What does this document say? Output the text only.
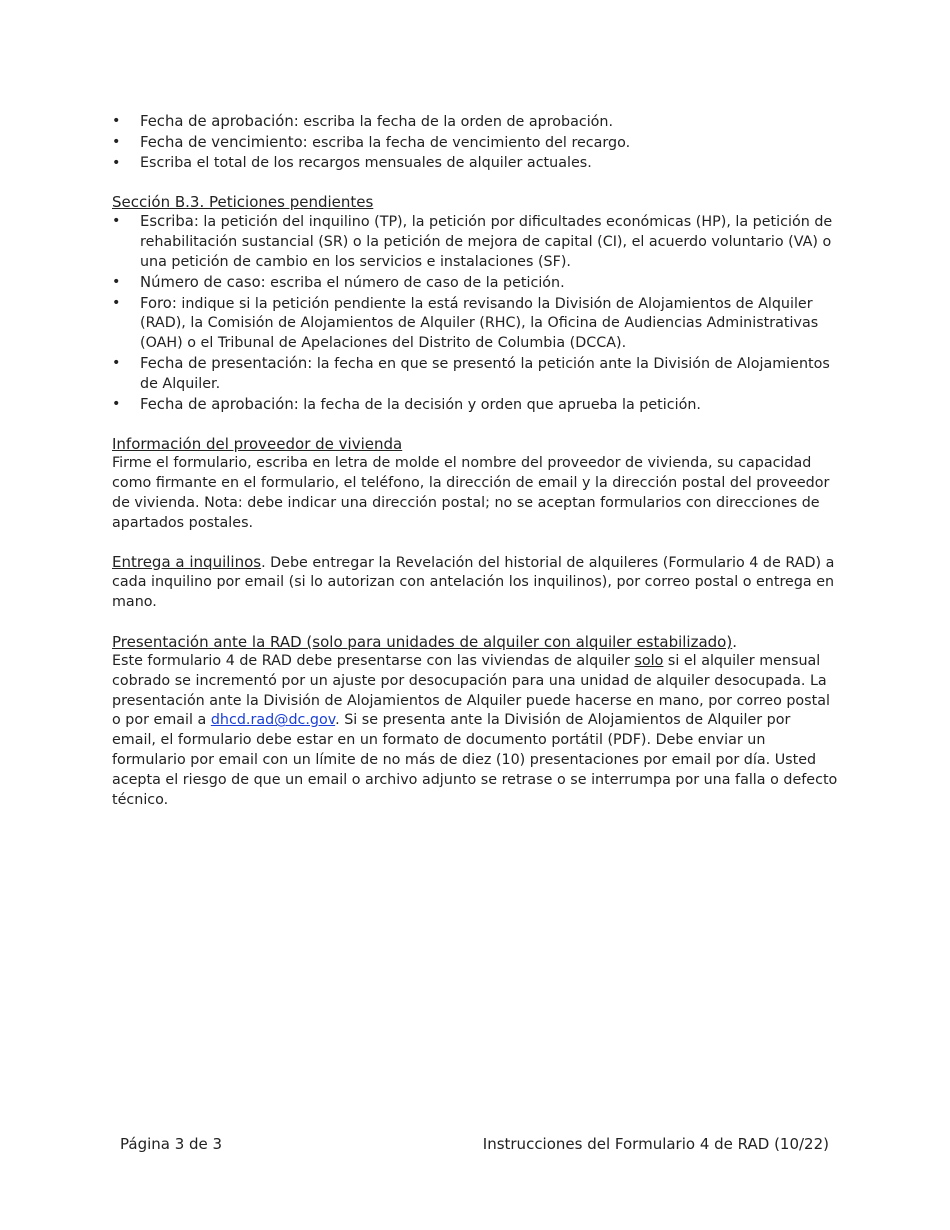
• Fecha de aprobación: escriba la fecha de la orden de aprobación.
• Fecha de vencimiento: escriba la fecha de vencimiento del recargo.
• Escriba el total de los recargos mensuales de alquiler actuales.
Sección B.3. Peticiones pendientes
• Escriba: la petición del inquilino (TP), la petición por dificultades económicas (HP), la petición de rehabilitación sustancial (SR) o la petición de mejora de capital (CI), el acuerdo voluntario (VA) o una petición de cambio en los servicios e instalaciones (SF).
• Número de caso: escriba el número de caso de la petición.
• Foro: indique si la petición pendiente la está revisando la División de Alojamientos de Alquiler (RAD), la Comisión de Alojamientos de Alquiler (RHC), la Oficina de Audiencias Administrativas (OAH) o el Tribunal de Apelaciones del Distrito de Columbia (DCCA).
• Fecha de presentación: la fecha en que se presentó la petición ante la División de Alojamientos de Alquiler.
• Fecha de aprobación: la fecha de la decisión y orden que aprueba la petición.
Información del proveedor de vivienda

Firme el formulario, escriba en letra de molde el nombre del proveedor de vivienda, su capacidad como firmante en el formulario, el teléfono, la dirección de email y la dirección postal del proveedor de vivienda. Nota: debe indicar una dirección postal; no se aceptan formularios con direcciones de apartados postales.

Entrega a inquilinos. Debe entregar la Revelación del historial de alquileres (Formulario 4 de RAD) a cada inquilino por email (si lo autorizan con antelación los inquilinos), por correo postal o entrega en mano.

Presentación ante la RAD (solo para unidades de alquiler con alquiler estabilizado).

Este formulario 4 de RAD debe presentarse con las viviendas de alquiler solo si el alquiler mensual cobrado se incrementó por un ajuste por desocupación para una unidad de alquiler desocupada. La presentación ante la División de Alojamientos de Alquiler puede hacerse en mano, por correo postal o por email a dhcd.rad@dc.gov. Si se presenta ante la División de Alojamientos de Alquiler por email, el formulario debe estar en un formato de documento portátil (PDF). Debe enviar un formulario por email con un límite de no más de diez (10) presentaciones por email por día. Usted acepta el riesgo de que un email o archivo adjunto se retrase o se interrumpa por una falla o defecto técnico.

Página 3 de 3	Instrucciones del Formulario 4 de RAD (10/22)
